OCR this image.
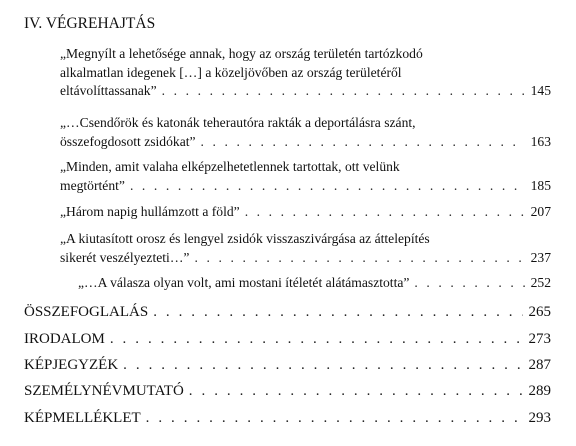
IV. VÉGREHAJTÁS
„Megnyílt a lehetősége annak, hogy az ország területén tartózkodó
alkalmatlan idegenek […] a közeljövőben az ország területéről
eltávolíttassanak” . . .	145
„…Csendőrök és katonák teherautóra rakták a deportálásra szánt,
összefogdosott zsidókat” . . .	163
„Minden, amit valaha elképzelhetetlennek tartottak, ott velünk
megtörtént” . . .	185
„Három napig hullámzott a föld” . . .	207
„A kiutasított orosz és lengyel zsidók visszaszivárgása az áttelepítés
sikerét veszélyezteti…” . . .	237
„…A válasza olyan volt, ami mostani ítéletét alátámasztotta” . . .	252
ÖSSZEFOGLALÁS . . .	265
IRODALOM . . .	273
KÉPJEGYZÉK . . .	287
SZEMÉLYNÉVMUTATÓ . . .	289
KÉPMELLÉKLET . . .	293
